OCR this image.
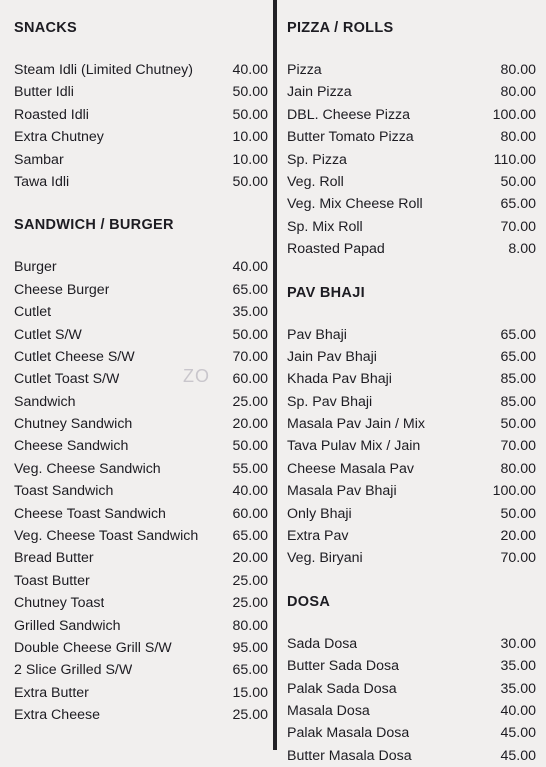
ZO
SNACKS
Steam Idli (Limited Chutney)	40.00
Butter Idli	50.00
Roasted Idli	50.00
Extra Chutney	10.00
Sambar	10.00
Tawa Idli	50.00
SANDWICH / BURGER
Burger	40.00
Cheese Burger	65.00
Cutlet	35.00
Cutlet S/W	50.00
Cutlet Cheese S/W	70.00
Cutlet Toast S/W	60.00
Sandwich	25.00
Chutney Sandwich	20.00
Cheese Sandwich	50.00
Veg. Cheese Sandwich	55.00
Toast Sandwich	40.00
Cheese Toast Sandwich	60.00
Veg. Cheese Toast Sandwich	65.00
Bread Butter	20.00
Toast Butter	25.00
Chutney Toast	25.00
Grilled Sandwich	80.00
Double Cheese Grill S/W	95.00
2 Slice Grilled S/W	65.00
Extra Butter	15.00
Extra Cheese	25.00
PIZZA / ROLLS
Pizza	80.00
Jain Pizza	80.00
DBL. Cheese Pizza	100.00
Butter Tomato Pizza	80.00
Sp. Pizza	110.00
Veg. Roll	50.00
Veg. Mix Cheese Roll	65.00
Sp. Mix Roll	70.00
Roasted Papad	8.00
PAV BHAJI
Pav Bhaji	65.00
Jain Pav Bhaji	65.00
Khada Pav Bhaji	85.00
Sp. Pav Bhaji	85.00
Masala Pav Jain / Mix	50.00
Tava Pulav Mix / Jain	70.00
Cheese Masala Pav	80.00
Masala Pav Bhaji	100.00
Only Bhaji	50.00
Extra Pav	20.00
Veg. Biryani	70.00
DOSA
Sada Dosa	30.00
Butter Sada Dosa	35.00
Palak Sada Dosa	35.00
Masala Dosa	40.00
Palak Masala Dosa	45.00
Butter Masala Dosa	45.00
